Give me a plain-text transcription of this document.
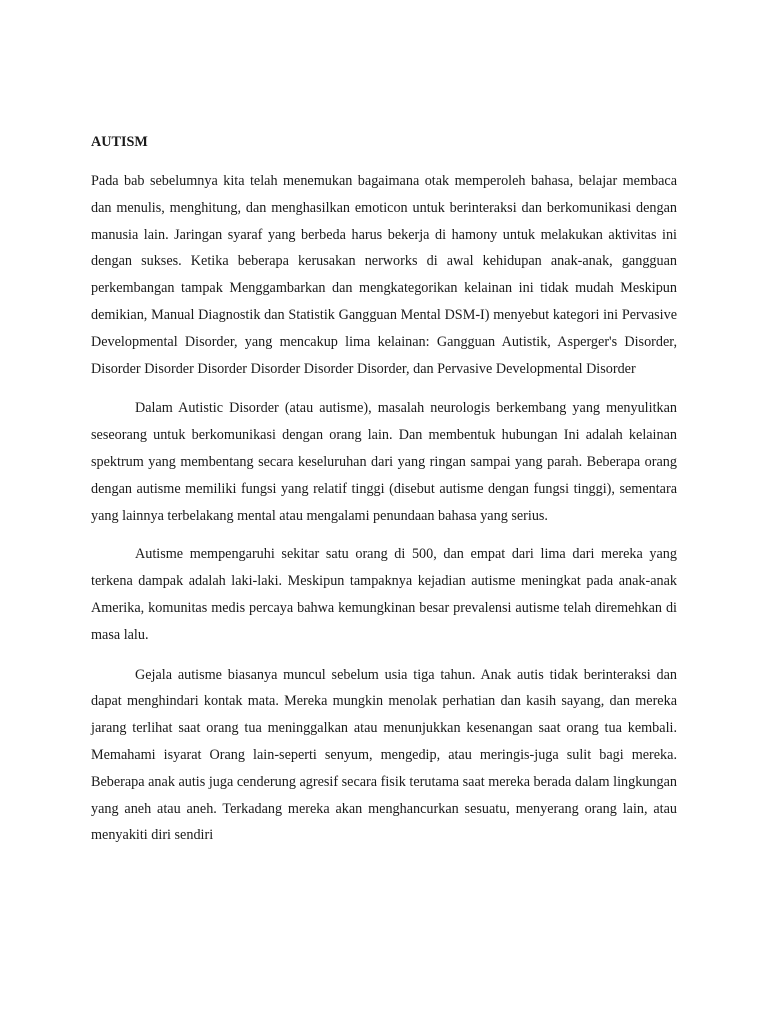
AUTISM

Pada bab sebelumnya kita telah menemukan bagaimana otak memperoleh bahasa, belajar membaca dan menulis, menghitung, dan menghasilkan emoticon untuk berinteraksi dan berkomunikasi dengan manusia lain. Jaringan syaraf yang berbeda harus bekerja di hamony untuk melakukan aktivitas ini dengan sukses. Ketika beberapa kerusakan nerworks di awal kehidupan anak-anak, gangguan perkembangan tampak Menggambarkan dan mengkategorikan kelainan ini tidak mudah Meskipun demikian, Manual Diagnostik dan Statistik Gangguan Mental DSM-I) menyebut kategori ini Pervasive Developmental Disorder, yang mencakup lima kelainan: Gangguan Autistik, Asperger's Disorder, Disorder Disorder Disorder Disorder Disorder Disorder, dan Pervasive Developmental Disorder

Dalam Autistic Disorder (atau autisme), masalah neurologis berkembang yang menyulitkan seseorang untuk berkomunikasi dengan orang lain. Dan membentuk hubungan Ini adalah kelainan spektrum yang membentang secara keseluruhan dari yang ringan sampai yang parah. Beberapa orang dengan autisme memiliki fungsi yang relatif tinggi (disebut autisme dengan fungsi tinggi), sementara yang lainnya terbelakang mental atau mengalami penundaan bahasa yang serius.

Autisme mempengaruhi sekitar satu orang di 500, dan empat dari lima dari mereka yang terkena dampak adalah laki-laki. Meskipun tampaknya kejadian autisme meningkat pada anak-anak Amerika, komunitas medis percaya bahwa kemungkinan besar prevalensi autisme telah diremehkan di masa lalu.

Gejala autisme biasanya muncul sebelum usia tiga tahun. Anak autis tidak berinteraksi dan dapat menghindari kontak mata. Mereka mungkin menolak perhatian dan kasih sayang, dan mereka jarang terlihat saat orang tua meninggalkan atau menunjukkan kesenangan saat orang tua kembali. Memahami isyarat Orang lain-seperti senyum, mengedip, atau meringis-juga sulit bagi mereka. Beberapa anak autis juga cenderung agresif secara fisik terutama saat mereka berada dalam lingkungan yang aneh atau aneh. Terkadang mereka akan menghancurkan sesuatu, menyerang orang lain, atau menyakiti diri sendiri
